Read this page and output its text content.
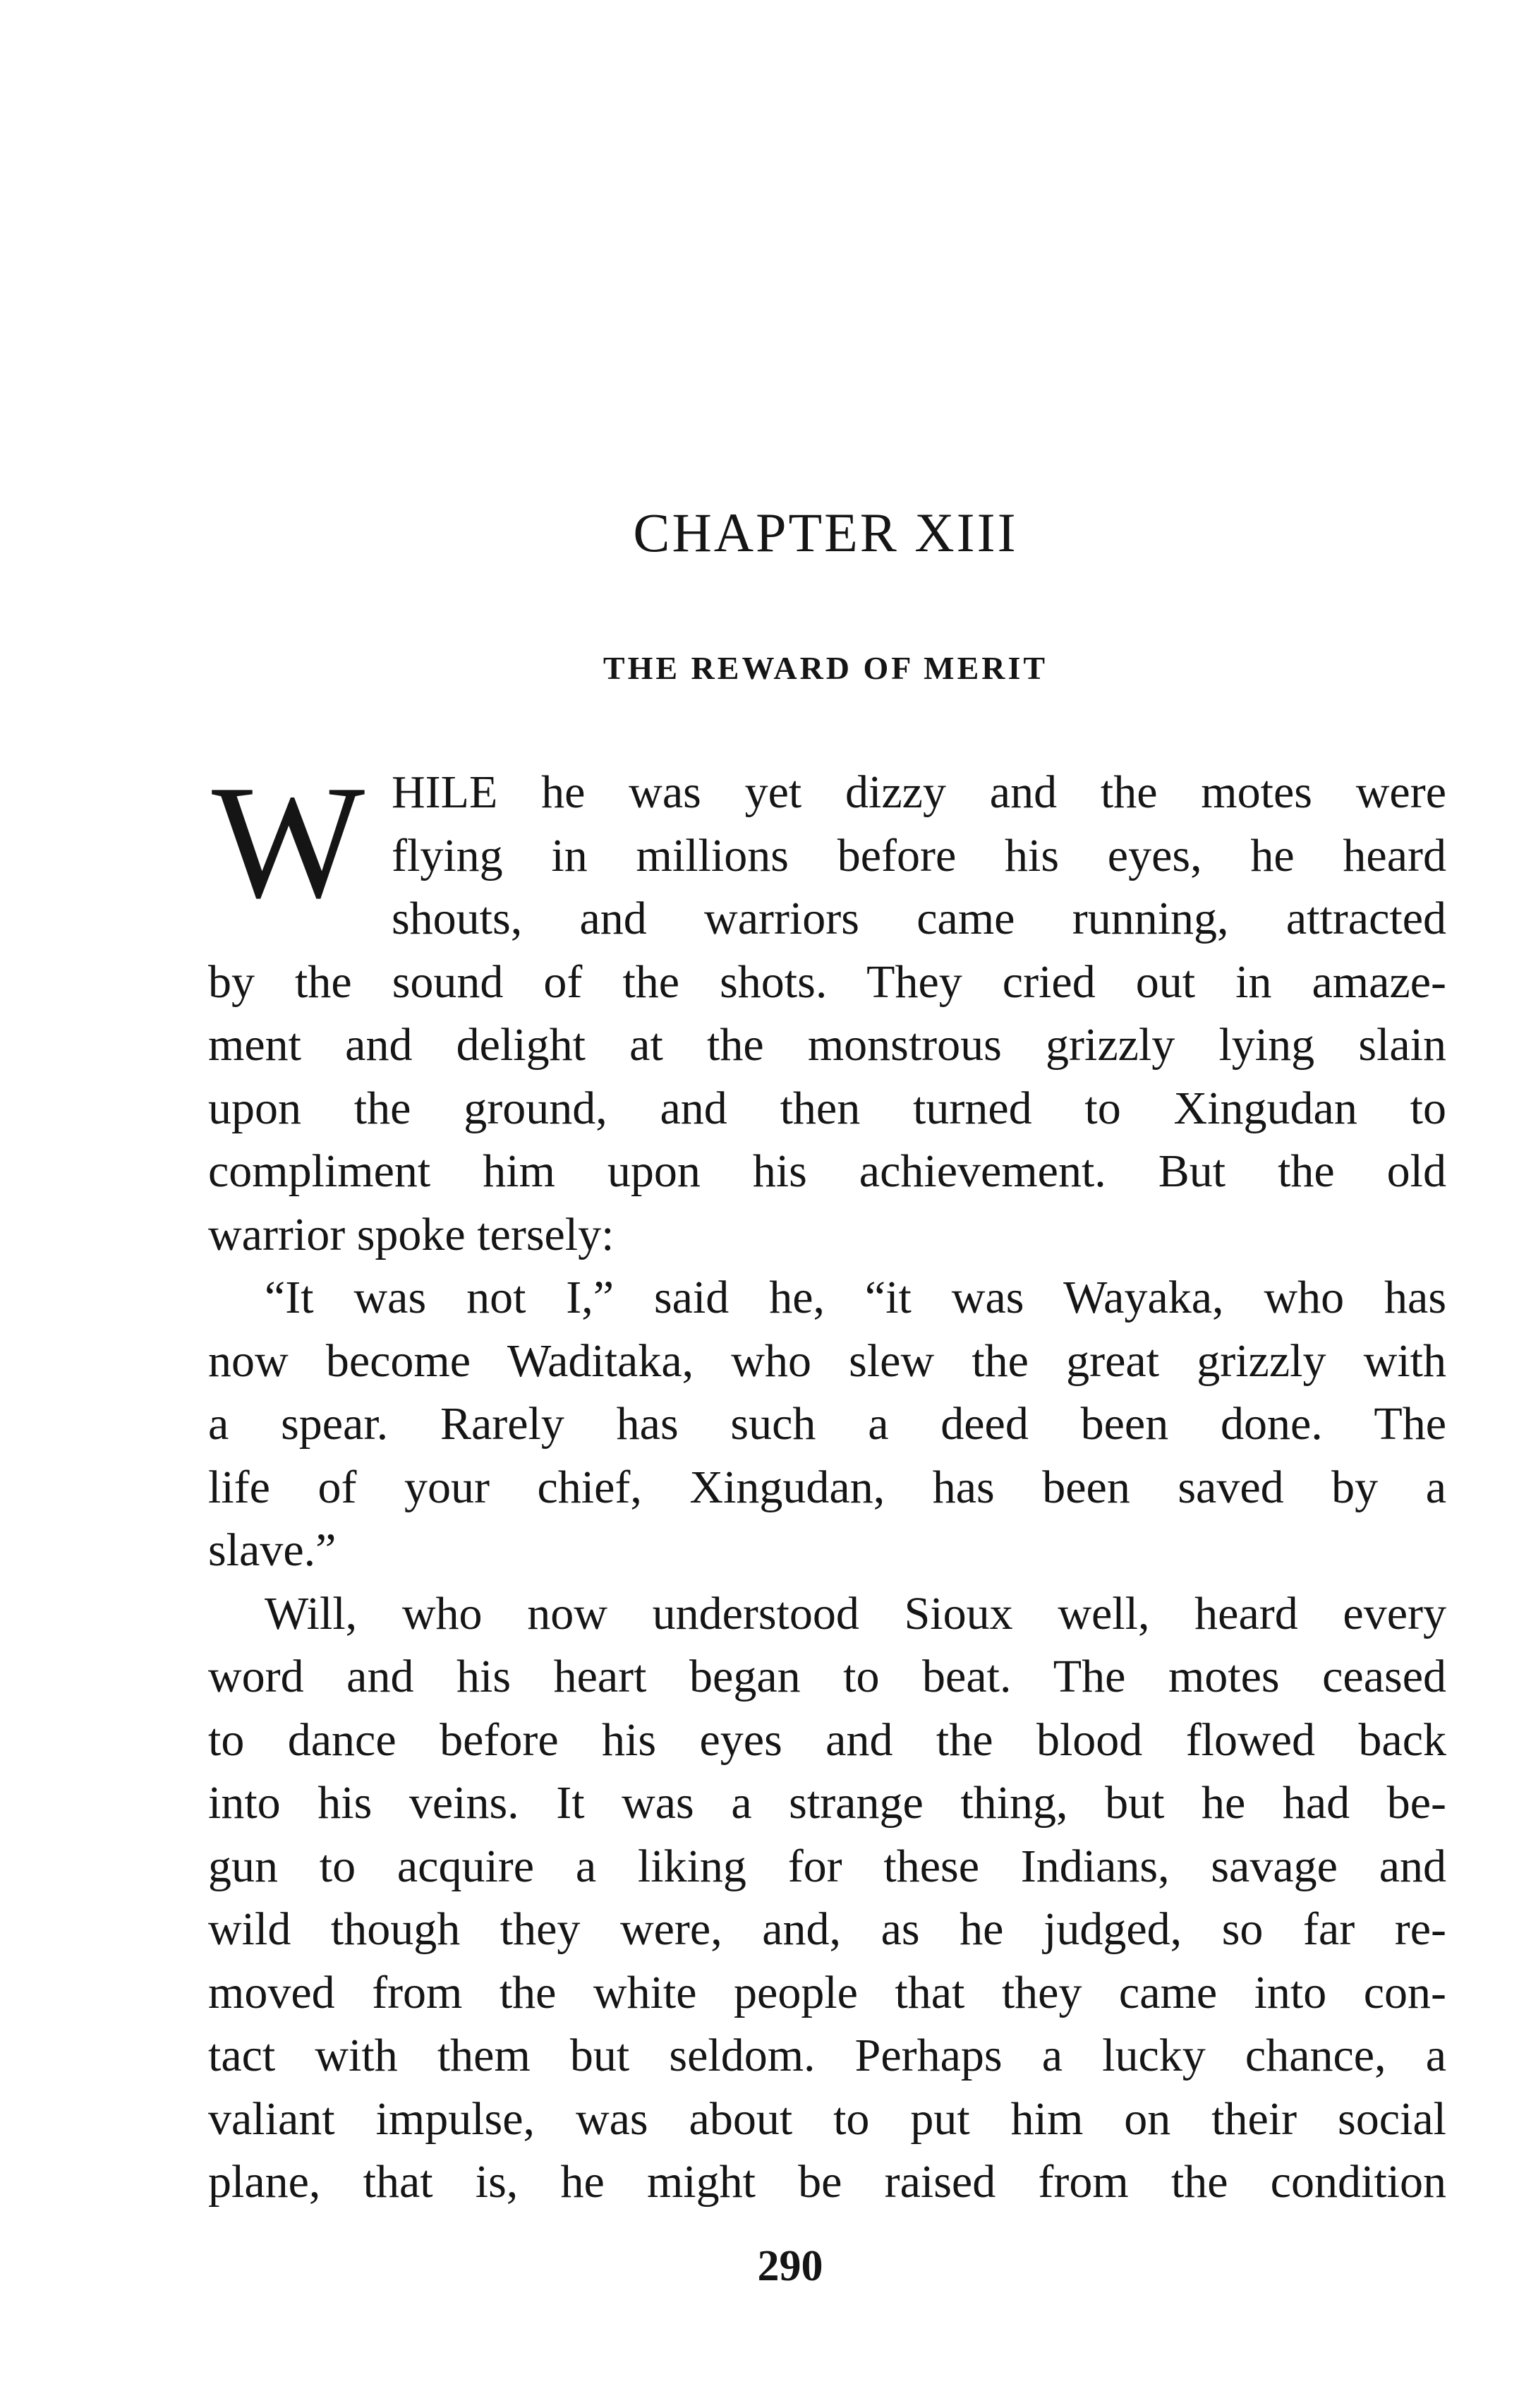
CHAPTER XIII
THE REWARD OF MERIT
W HILE he was yet dizzy and the motes were
flying in millions before his eyes, he heard
shouts, and warriors came running, attracted
by the sound of the shots. They cried out in amaze-
ment and delight at the monstrous grizzly lying slain
upon the ground, and then turned to Xingudan to
compliment him upon his achievement. But the old
warrior spoke tersely:
“It was not I,” said he, “it was Wayaka, who has
now become Waditaka, who slew the great grizzly with
a spear. Rarely has such a deed been done. The
life of your chief, Xingudan, has been saved by a
slave.”
Will, who now understood Sioux well, heard every
word and his heart began to beat. The motes ceased
to dance before his eyes and the blood flowed back
into his veins. It was a strange thing, but he had be-
gun to acquire a liking for these Indians, savage and
wild though they were, and, as he judged, so far re-
moved from the white people that they came into con-
tact with them but seldom. Perhaps a lucky chance, a
valiant impulse, was about to put him on their social
plane, that is, he might be raised from the condition
290
